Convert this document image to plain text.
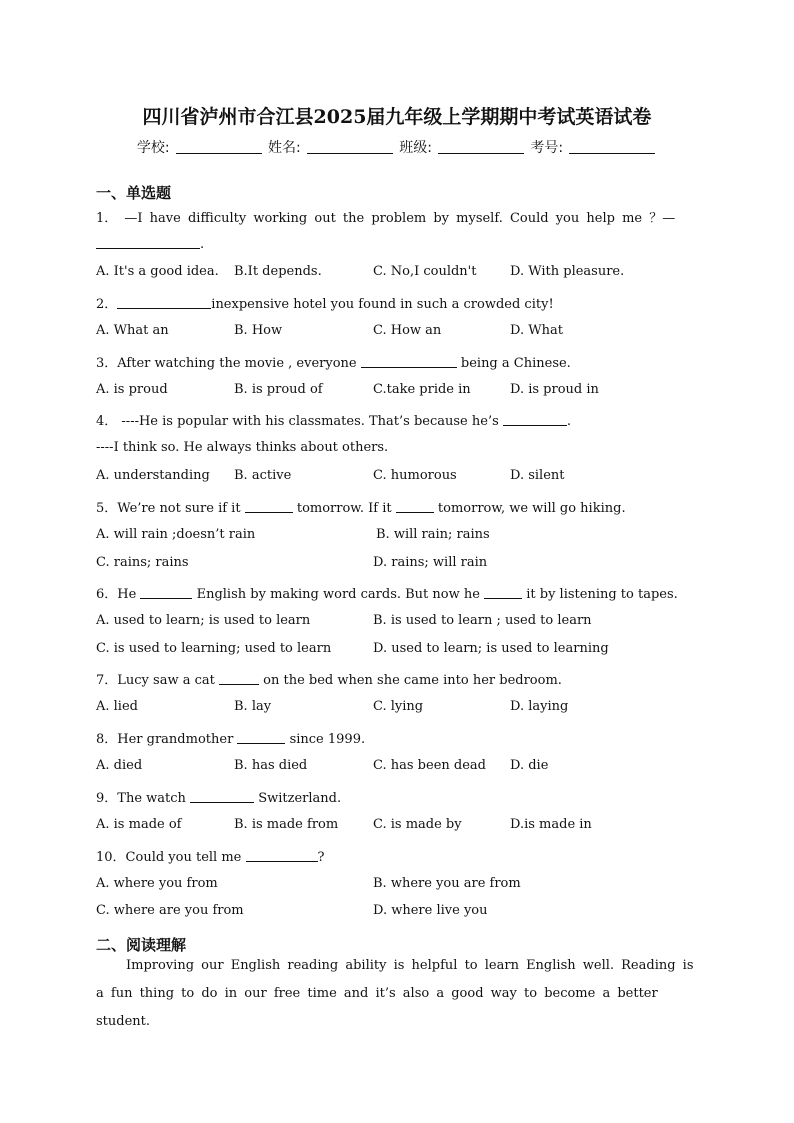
四川省泸州市合江县2025届九年级上学期期中考试英语试卷
学校:	姓名:	班级:	考号:
一、单选题
1． —I have difficulty working out the problem by myself. Could you help me ？—
.
A. It's a good idea. B.It depends.	C. No,I couldn't	D. With pleasure.
2．	inexpensive hotel you found in such a crowded city!
A. What an	B. How	C. How an	D. What
3．After watching the movie , everyone	being a Chinese.
A. is proud	B. is proud of	C.take pride in	D. is proud in
4． ----He is popular with his classmates. That’s because he’s	.
----I think so. He always thinks about others.
A. understanding B. active	C. humorous	D. silent
5．We’re not sure if it	tomorrow. If it	tomorrow, we will go hiking.
A. will rain ;doesn’t rain	B. will rain; rains
C. rains; rains	D. rains; will rain
6．He	English by making word cards. But now he	it by listening to tapes.
A. used to learn; is used to learn	B. is used to learn ; used to learn
C. is used to learning; used to learn	D. used to learn; is used to learning
7．Lucy saw a cat	on the bed when she came into her bedroom.
A. lied	B. lay	C. lying	D. laying
8．Her grandmother	since 1999.
A. died	B. has died	C. has been dead D. die
9．The watch	Switzerland.
A. is made of	B. is made from	C. is made by	D.is made in
10．Could you tell me	?
A. where you from	B. where you are from
C. where are you from	D. where live you
二、阅读理解
Improving our English reading ability is helpful to learn English well. Reading is a fun thing to do in our free time and it’s also a good way to become a better student.
